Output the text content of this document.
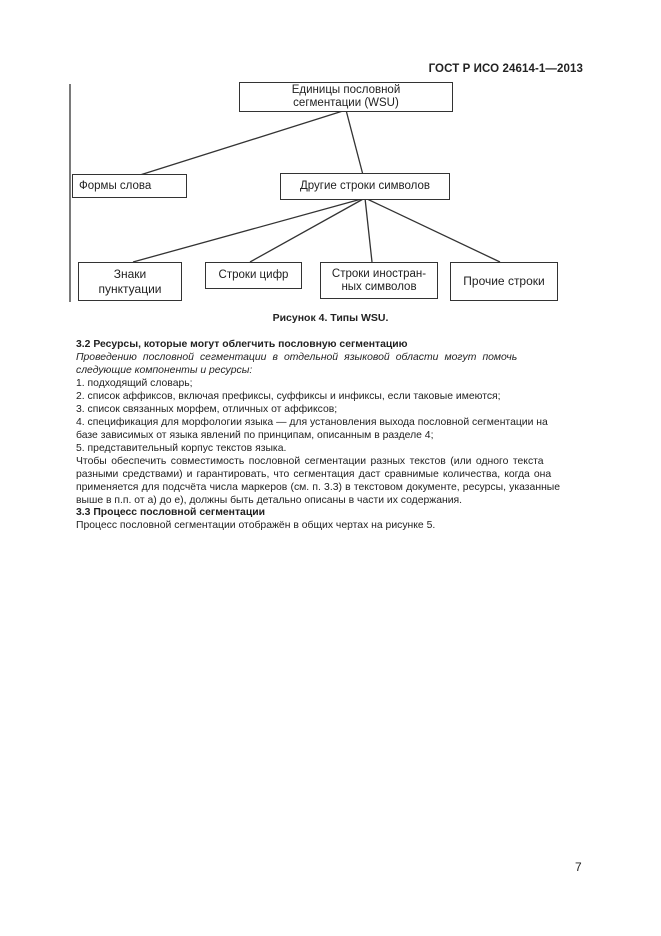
ГОСТ Р ИСО 24614-1—2013
Единицы пословной
сегментации (WSU)
Формы слова	Другие строки символов
Знаки
пунктуации
Строки цифр	Строки иностран-
ных символов	Прочие строки
Рисунок 4. Типы WSU.

3.2 Ресурсы, которые могут облегчить пословную сегментацию

Проведению пословной сегментации в отдельной языковой области могут помочь

следующие компоненты и ресурсы:

1. подходящий словарь;

2. список аффиксов, включая префиксы, суффиксы и инфиксы, если таковые имеются;

3. список связанных морфем, отличных от аффиксов;

4. спецификация для морфологии языка — для установления выхода пословной сегментации на

базе зависимых от языка явлений по принципам, описанным в разделе 4;

5. представительный корпус текстов языка.

Чтобы обеспечить совместимость пословной сегментации разных текстов (или одного текста

разными средствами) и гарантировать, что сегментация даст сравнимые количества, когда она

применяется для подсчёта числа маркеров (см. п. 3.3) в текстовом документе, ресурсы, указанные

выше в п.п. от а) до е), должны быть детально описаны в части их содержания.

3.3 Процесс пословной сегментации

Процесс пословной сегментации отображён в общих чертах на рисунке 5.

7
